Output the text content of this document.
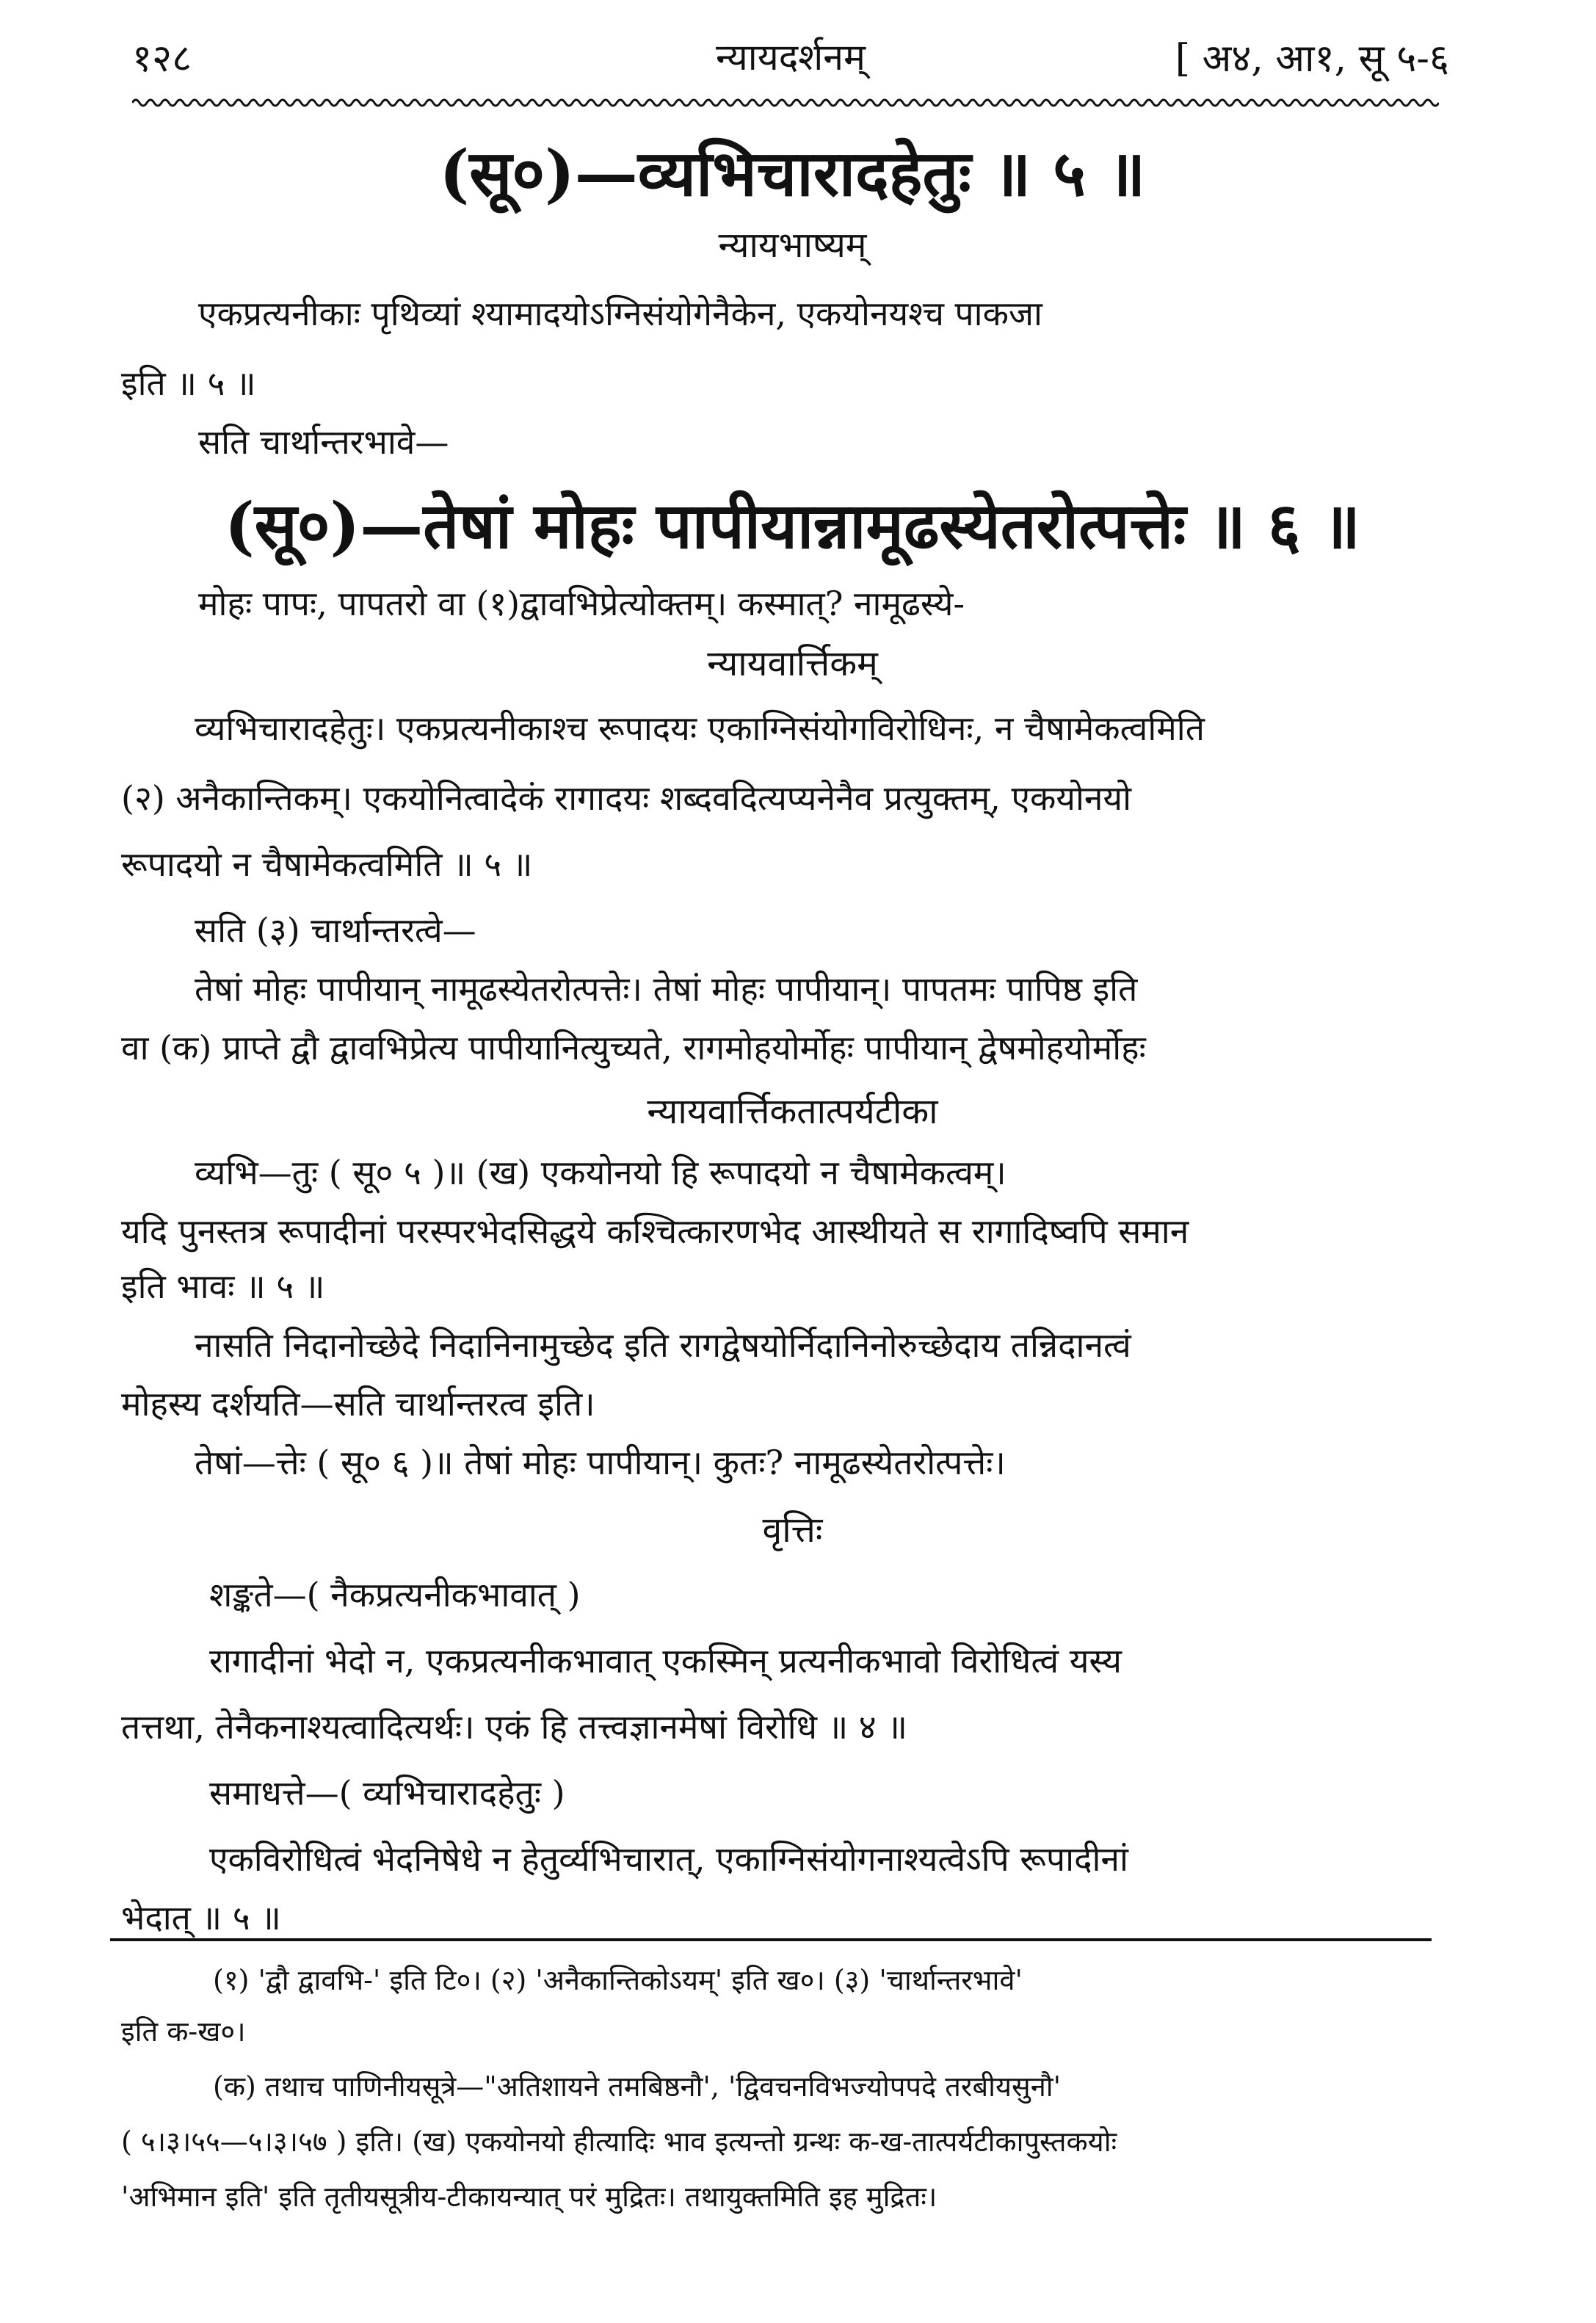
१२८	न्यायदर्शनम्	[ अ४, आ१, सू ५-६
(सू०)—व्यभिचारादहेतुः ॥ ५ ॥
न्यायभाष्यम्
एकप्रत्यनीकाः पृथिव्यां श्यामादयोऽग्निसंयोगेनैकेन, एकयोनयश्च पाकजा
इति ॥ ५ ॥
सति चार्थान्तरभावे—
(सू०)—तेषां मोहः पापीयान्नामूढस्येतरोत्पत्तेः ॥ ६ ॥
मोहः पापः, पापतरो वा (१)द्वावभिप्रेत्योक्तम्। कस्मात्? नामूढस्ये-
न्यायवार्त्तिकम्
व्यभिचारादहेतुः। एकप्रत्यनीकाश्च रूपादयः एकाग्निसंयोगविरोधिनः, न चैषामेकत्वमिति
(२) अनैकान्तिकम्। एकयोनित्वादेकं रागादयः शब्दवदित्यप्यनेनैव प्रत्युक्तम्, एकयोनयो
रूपादयो न चैषामेकत्वमिति ॥ ५ ॥
सति (३) चार्थान्तरत्वे—
तेषां मोहः पापीयान् नामूढस्येतरोत्पत्तेः। तेषां मोहः पापीयान्। पापतमः पापिष्ठ इति
वा (क) प्राप्ते द्वौ द्वावभिप्रेत्य पापीयानित्युच्यते, रागमोहयोर्मोहः पापीयान् द्वेषमोहयोर्मोहः
न्यायवार्त्तिकतात्पर्यटीका
व्यभि—तुः ( सू० ५ )॥ (ख) एकयोनयो हि रूपादयो न चैषामेकत्वम्।
यदि पुनस्तत्र रूपादीनां परस्परभेदसिद्धये कश्चित्कारणभेद आस्थीयते स रागादिष्वपि समान
इति भावः ॥ ५ ॥
नासति निदानोच्छेदे निदानिनामुच्छेद इति रागद्वेषयोर्निदानिनोरुच्छेदाय तन्निदानत्वं
मोहस्य दर्शयति—सति चार्थान्तरत्व इति।
तेषां—त्तेः ( सू० ६ )॥ तेषां मोहः पापीयान्। कुतः? नामूढस्येतरोत्पत्तेः।
वृत्तिः
शङ्कते—( नैकप्रत्यनीकभावात् )
रागादीनां भेदो न, एकप्रत्यनीकभावात् एकस्मिन् प्रत्यनीकभावो विरोधित्वं यस्य
तत्तथा, तेनैकनाश्यत्वादित्यर्थः। एकं हि तत्त्वज्ञानमेषां विरोधि ॥ ४ ॥
समाधत्ते—( व्यभिचारादहेतुः )
एकविरोधित्वं भेदनिषेधे न हेतुर्व्यभिचारात्, एकाग्निसंयोगनाश्यत्वेऽपि रूपादीनां
भेदात् ॥ ५ ॥
(१) 'द्वौ द्वावभि-' इति टि०। (२) 'अनैकान्तिकोऽयम्' इति ख०। (३) 'चार्थान्तरभावे'
इति क-ख०।
(क) तथाच पाणिनीयसूत्रे—"अतिशायने तमबिष्ठनौ', 'द्विवचनविभज्योपपदे तरबीयसुनौ'
( ५।३।५५—५।३।५७ ) इति। (ख) एकयोनयो हीत्यादिः भाव इत्यन्तो ग्रन्थः क-ख-तात्पर्यटीकापुस्तकयोः
'अभिमान इति' इति तृतीयसूत्रीय-टीकायन्यात् परं मुद्रितः। तथायुक्तमिति इह मुद्रितः।
